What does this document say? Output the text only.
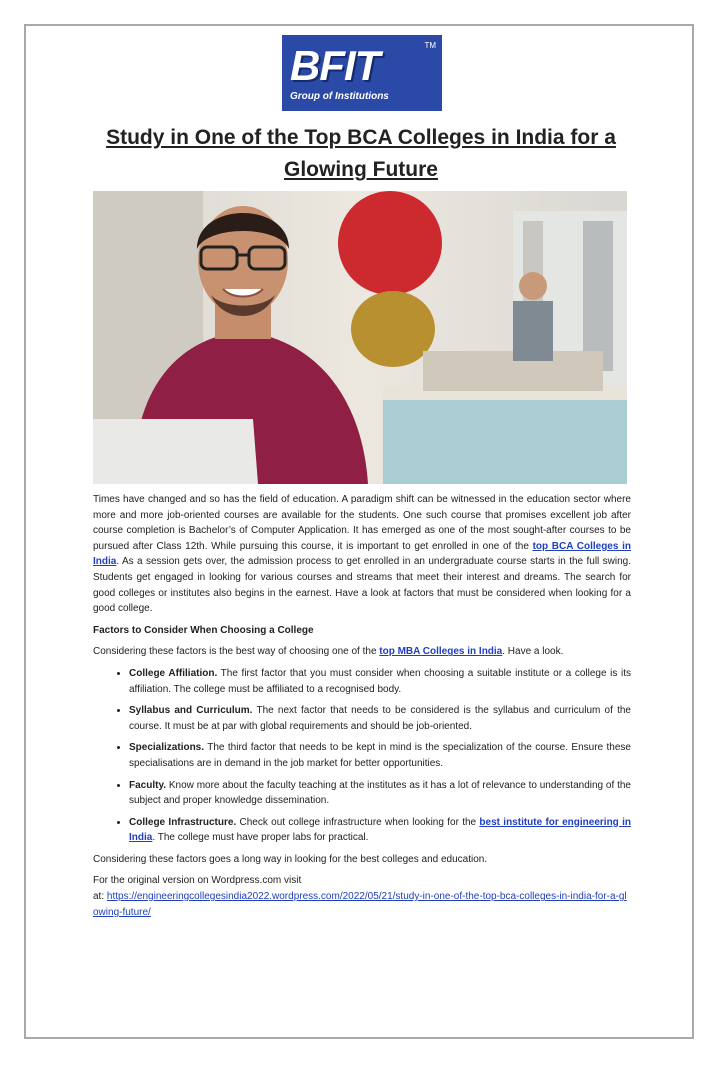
BFIT	TM
Group of Institutions
Study in One of the Top BCA Colleges in India for a Glowing Future

Times have changed and so has the field of education. A paradigm shift can be witnessed in the education sector where more and more job-oriented courses are available for the students. One such course that promises excellent job after course completion is Bachelor’s of Computer Application. It has emerged as one of the most sought-after courses to be pursued after Class 12th. While pursuing this course, it is important to get enrolled in one of the top BCA Colleges in India. As a session gets over, the admission process to get enrolled in an undergraduate course starts in the full swing. Students get engaged in looking for various courses and streams that meet their interest and dreams. The search for good colleges or institutes also begins in the earnest. Have a look at factors that must be considered when looking for a good college.

Factors to Consider When Choosing a College

Considering these factors is the best way of choosing one of the top MBA Colleges in India. Have a look.

• College Affiliation. The first factor that you must consider when choosing a suitable institute or a college is its affiliation. The college must be affiliated to a recognised body.
• Syllabus and Curriculum. The next factor that needs to be considered is the syllabus and curriculum of the course. It must be at par with global requirements and should be job-oriented.
• Specializations. The third factor that needs to be kept in mind is the specialization of the course. Ensure these specialisations are in demand in the job market for better opportunities.
• Faculty. Know more about the faculty teaching at the institutes as it has a lot of relevance to understanding of the subject and proper knowledge dissemination.
• College Infrastructure. Check out college infrastructure when looking for the best institute for engineering in India. The college must have proper labs for practical.

Considering these factors goes a long way in looking for the best colleges and education.

For the original version on Wordpress.com visit
at: https://engineeringcollegesindia2022.wordpress.com/2022/05/21/study-in-one-of-the-top-bca-colleges-in-india-for-a-glowing-future/
